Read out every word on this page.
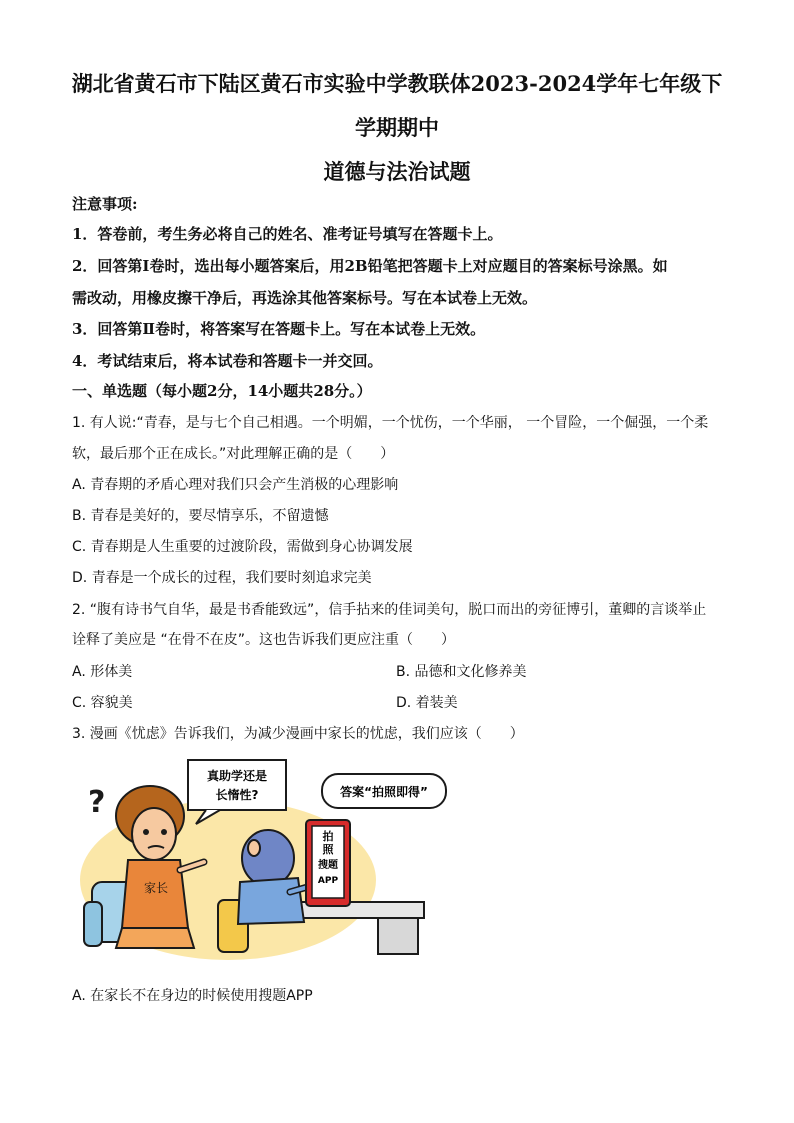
湖北省黄石市下陆区黄石市实验中学教联体2023-2024学年七年级下
学期期中
道德与法治试题
注意事项:
1．答卷前，考生务必将自己的姓名、准考证号填写在答题卡上。
2．回答第Ⅰ卷时，选出每小题答案后，用2B铅笔把答题卡上对应题目的答案标号涂黑。如
需改动，用橡皮擦干净后，再选涂其他答案标号。写在本试卷上无效。
3．回答第Ⅱ卷时，将答案写在答题卡上。写在本试卷上无效。
4．考试结束后，将本试卷和答题卡一并交回。
一、单选题（每小题2分，14小题共28分。）
1. 有人说:“青春，是与七个自己相遇。一个明媚，一个忧伤，一个华丽， 一个冒险，一个倔强，一个柔
软，最后那个正在成长。”对此理解正确的是（　　）
A. 青春期的矛盾心理对我们只会产生消极的心理影响
B. 青春是美好的，要尽情享乐，不留遗憾
C. 青春期是人生重要的过渡阶段，需做到身心协调发展
D. 青春是一个成长的过程，我们要时刻追求完美
2. “腹有诗书气自华，最是书香能致远”，信手拈来的佳词美句，脱口而出的旁征博引，董卿的言谈举止
诠释了美应是 “在骨不在皮”。这也告诉我们更应注重（　　）
A. 形体美	B. 品德和文化修养美
C. 容貌美	D. 着装美
3. 漫画《忧虑》告诉我们，为减少漫画中家长的忧虑，我们应该（　　）
家长
?
真助学还是
长惰性?	答案“拍照即得”
拍
照
搜题
APP
A. 在家长不在身边的时候使用搜题APP
